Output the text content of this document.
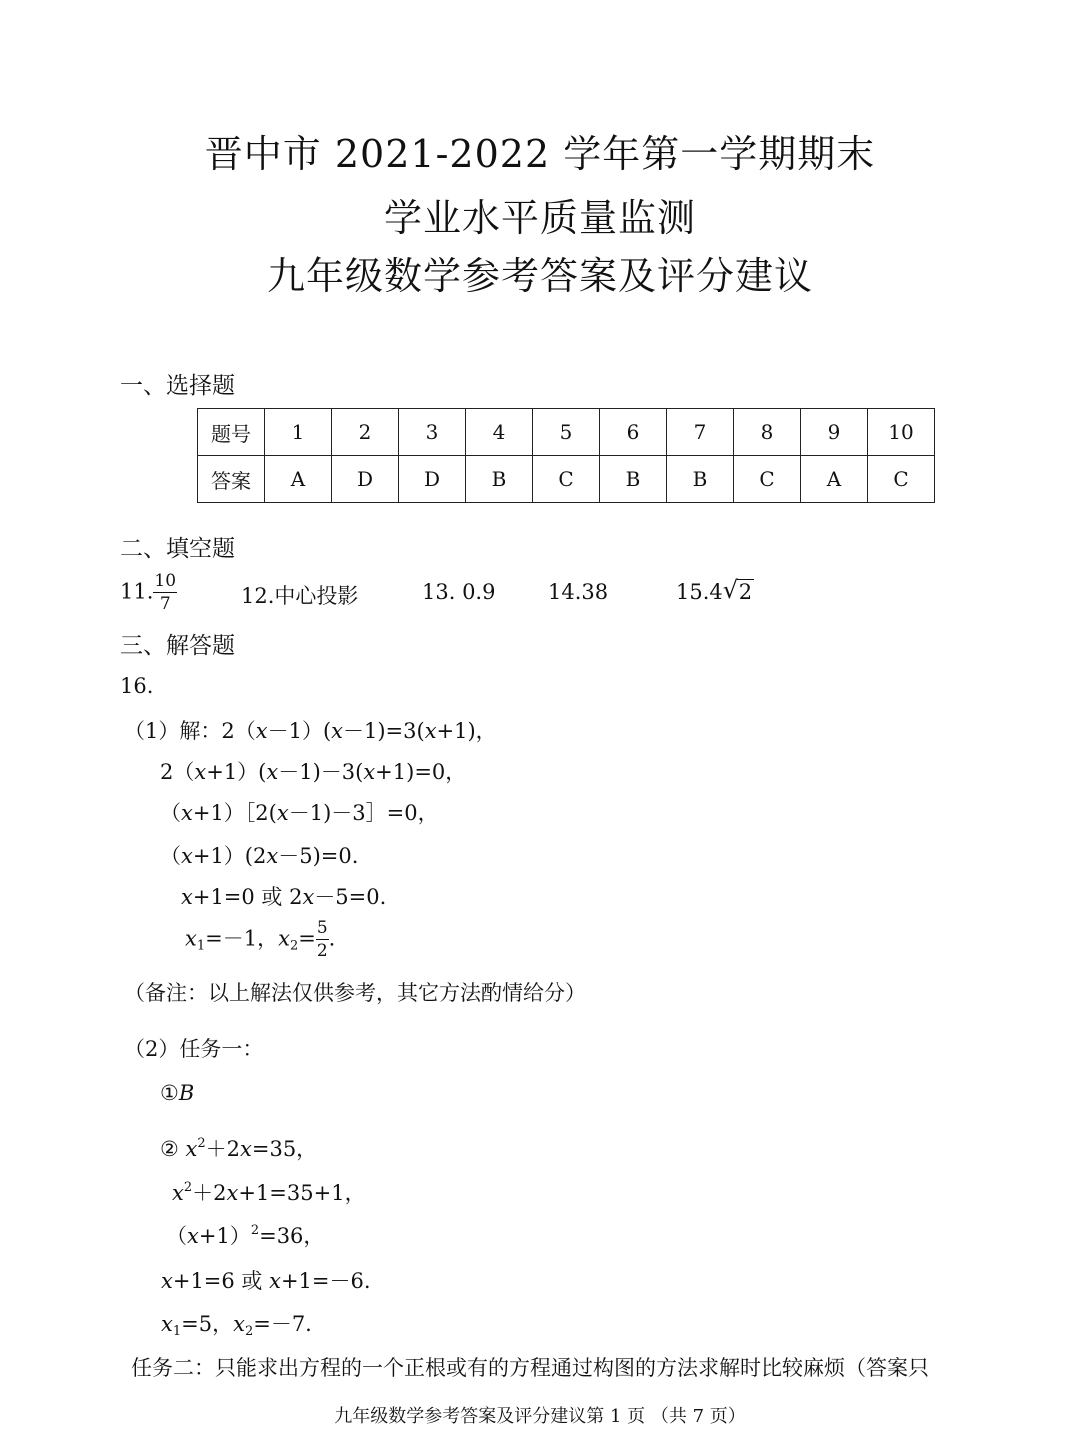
晋中市 2021-2022 学年第一学期期末
学业水平质量监测
九年级数学参考答案及评分建议
一、选择题
题号	1	2	3	4	5	6	7	8	9	10
答案	A	D	D	B	C	B	B	C	A	C
二、填空题
11. $\frac{10}{7}$	12.中心投影	13. 0.9	14.38	15.4 √ 2
三、解答题
16.
（1）解：2（x－1）(x－1)=3(x+1)，
2（x+1）(x－1)－3(x+1)=0，
（x+1）［2(x－1)－3］=0，
（x+1）(2x－5)=0.
x+1=0 或 2x－5=0.
$x_1=-1$，$x_2= \frac{5}{2}$ .
（备注：以上解法仅供参考，其它方法酌情给分）
（2）任务一：
①B
② $x^2+2x=35$，
$x^2+2x+1=35+1$，
$(x+1)^2=36$，
x+1=6 或 x+1=－6.
$x_1=5$，$x_2=-7$.
任务二：只能求出方程的一个正根或有的方程通过构图的方法求解时比较麻烦（答案只
九年级数学参考答案及评分建议第 1 页 （共 7 页）
